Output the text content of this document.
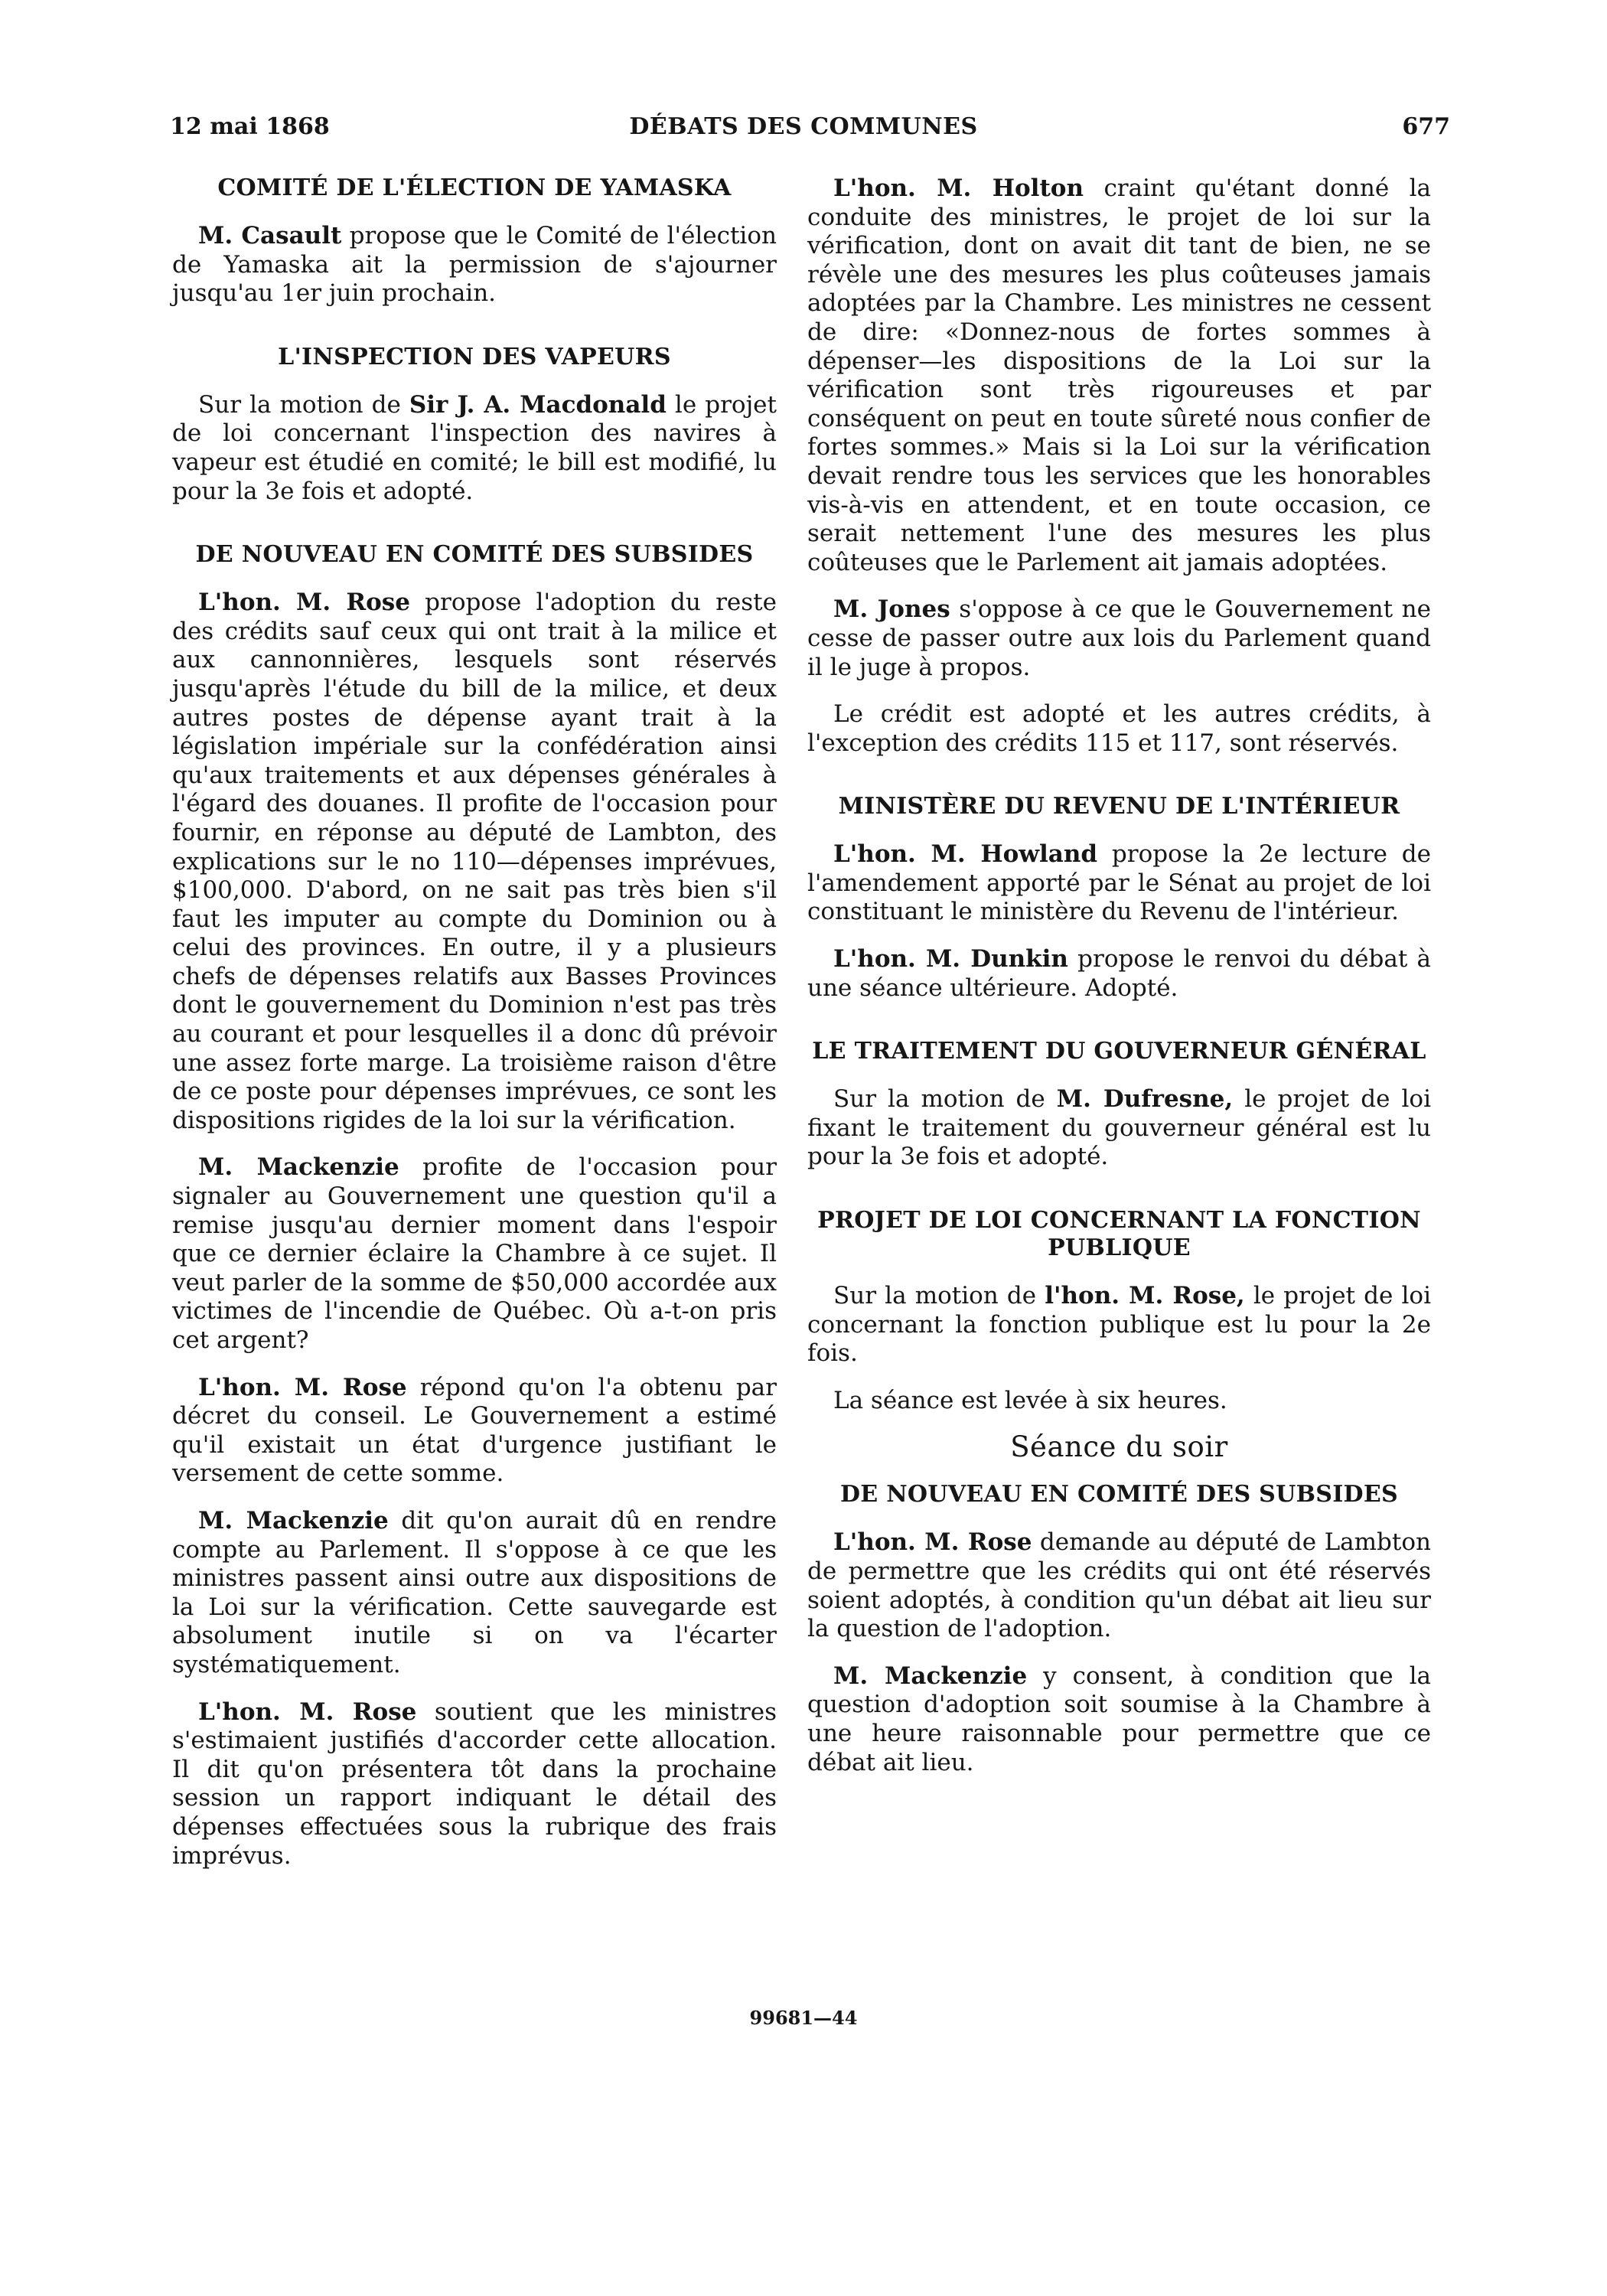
12 mai 1868	DÉBATS DES COMMUNES	677
COMITÉ DE L'ÉLECTION DE YAMASKA

M. Casault propose que le Comité de l'élection de Yamaska ait la permission de s'ajourner jusqu'au 1er juin prochain.

L'INSPECTION DES VAPEURS

Sur la motion de Sir J. A. Macdonald le projet de loi concernant l'inspection des navires à vapeur est étudié en comité; le bill est modifié, lu pour la 3e fois et adopté.

DE NOUVEAU EN COMITÉ DES SUBSIDES

L'hon. M. Rose propose l'adoption du reste des crédits sauf ceux qui ont trait à la milice et aux cannonnières, lesquels sont réservés jusqu'après l'étude du bill de la milice, et deux autres postes de dépense ayant trait à la législation impériale sur la confédération ainsi qu'aux traitements et aux dépenses générales à l'égard des douanes. Il profite de l'occasion pour fournir, en réponse au député de Lambton, des explications sur le no 110—dépenses imprévues, $100,000. D'abord, on ne sait pas très bien s'il faut les imputer au compte du Dominion ou à celui des provinces. En outre, il y a plusieurs chefs de dépenses relatifs aux Basses Provinces dont le gouvernement du Dominion n'est pas très au courant et pour lesquelles il a donc dû prévoir une assez forte marge. La troisième raison d'être de ce poste pour dépenses imprévues, ce sont les dispositions rigides de la loi sur la vérification.

M. Mackenzie profite de l'occasion pour signaler au Gouvernement une question qu'il a remise jusqu'au dernier moment dans l'espoir que ce dernier éclaire la Chambre à ce sujet. Il veut parler de la somme de $50,000 accordée aux victimes de l'incendie de Québec. Où a-t-on pris cet argent?

L'hon. M. Rose répond qu'on l'a obtenu par décret du conseil. Le Gouvernement a estimé qu'il existait un état d'urgence justifiant le versement de cette somme.

M. Mackenzie dit qu'on aurait dû en rendre compte au Parlement. Il s'oppose à ce que les ministres passent ainsi outre aux dispositions de la Loi sur la vérification. Cette sauvegarde est absolument inutile si on va l'écarter systématiquement.

L'hon. M. Rose soutient que les ministres s'estimaient justifiés d'accorder cette allocation. Il dit qu'on présentera tôt dans la prochaine session un rapport indiquant le détail des dépenses effectuées sous la rubrique des frais imprévus.

L'hon. M. Holton craint qu'étant donné la conduite des ministres, le projet de loi sur la vérification, dont on avait dit tant de bien, ne se révèle une des mesures les plus coûteuses jamais adoptées par la Chambre. Les ministres ne cessent de dire: «Donnez-nous de fortes sommes à dépenser—les dispositions de la Loi sur la vérification sont très rigoureuses et par conséquent on peut en toute sûreté nous confier de fortes sommes.» Mais si la Loi sur la vérification devait rendre tous les services que les honorables vis-à-vis en attendent, et en toute occasion, ce serait nettement l'une des mesures les plus coûteuses que le Parlement ait jamais adoptées.

M. Jones s'oppose à ce que le Gouvernement ne cesse de passer outre aux lois du Parlement quand il le juge à propos.

Le crédit est adopté et les autres crédits, à l'exception des crédits 115 et 117, sont réservés.

MINISTÈRE DU REVENU DE L'INTÉRIEUR

L'hon. M. Howland propose la 2e lecture de l'amendement apporté par le Sénat au projet de loi constituant le ministère du Revenu de l'intérieur.

L'hon. M. Dunkin propose le renvoi du débat à une séance ultérieure. Adopté.

LE TRAITEMENT DU GOUVERNEUR GÉNÉRAL

Sur la motion de M. Dufresne, le projet de loi fixant le traitement du gouverneur général est lu pour la 3e fois et adopté.

PROJET DE LOI CONCERNANT LA FONCTION PUBLIQUE

Sur la motion de l'hon. M. Rose, le projet de loi concernant la fonction publique est lu pour la 2e fois.

La séance est levée à six heures.

Séance du soir
DE NOUVEAU EN COMITÉ DES SUBSIDES

L'hon. M. Rose demande au député de Lambton de permettre que les crédits qui ont été réservés soient adoptés, à condition qu'un débat ait lieu sur la question de l'adoption.

M. Mackenzie y consent, à condition que la question d'adoption soit soumise à la Chambre à une heure raisonnable pour permettre que ce débat ait lieu.

99681—44
